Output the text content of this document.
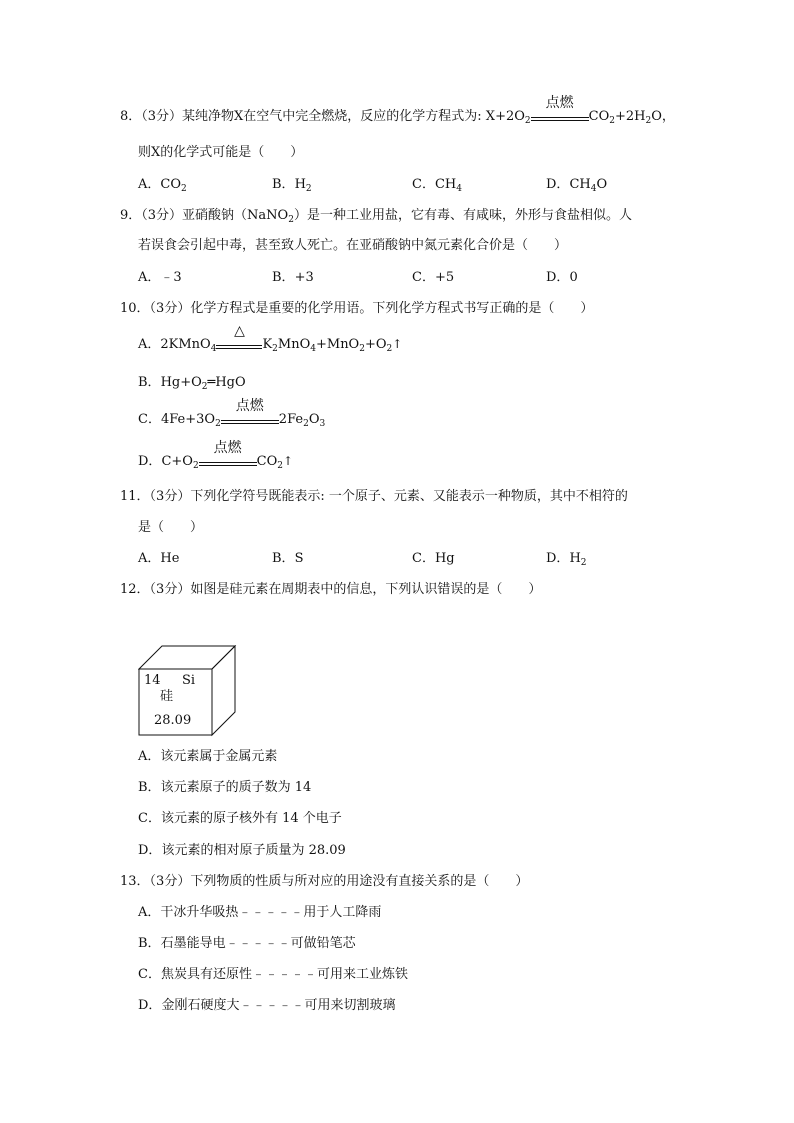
8．（3分）某纯净物X在空气中完全燃烧，反应的化学方程式为: $X+2O_2$
点燃
$CO_2+2H_2O$，
则X的化学式可能是（　　）
A．$CO_2$	B．$H_2$	C．$CH_4$	D．$CH_4O$
9．（3分）亚硝酸钠（NaNO$_2$）是一种工业用盐，它有毒、有咸味，外形与食盐相似。人
若误食会引起中毒，甚至致人死亡。在亚硝酸钠中氮元素化合价是（　　）
A．﹣3	B．+3	C．+5	D．0
10．（3分）化学方程式是重要的化学用语。下列化学方程式书写正确的是（　　）
A．2KMnO$_4$
△
$K_2MnO_4+MnO_2+O_2↑$
B．$Hg+O_2═HgO$
C．$4Fe+3O_2$
点燃
$2Fe_2O_3$
D．$C+O_2$
点燃
$CO_2↑$
11．（3分）下列化学符号既能表示: 一个原子、元素、又能表示一种物质，其中不相符的
是（　　）
A．He	B．S	C．Hg	D．$H_2$
12．（3分）如图是硅元素在周期表中的信息，下列认识错误的是（　　）
14 Si
硅
28.09
A．该元素属于金属元素
B．该元素原子的质子数为 14
C．该元素的原子核外有 14 个电子
D．该元素的相对原子质量为 28.09
13．（3分）下列物质的性质与所对应的用途没有直接关系的是（　　）
A．干冰升华吸热﹣﹣﹣﹣﹣用于人工降雨
B．石墨能导电﹣﹣﹣﹣﹣可做铅笔芯
C．焦炭具有还原性﹣﹣﹣﹣﹣可用来工业炼铁
D．金刚石硬度大﹣﹣﹣﹣﹣可用来切割玻璃
